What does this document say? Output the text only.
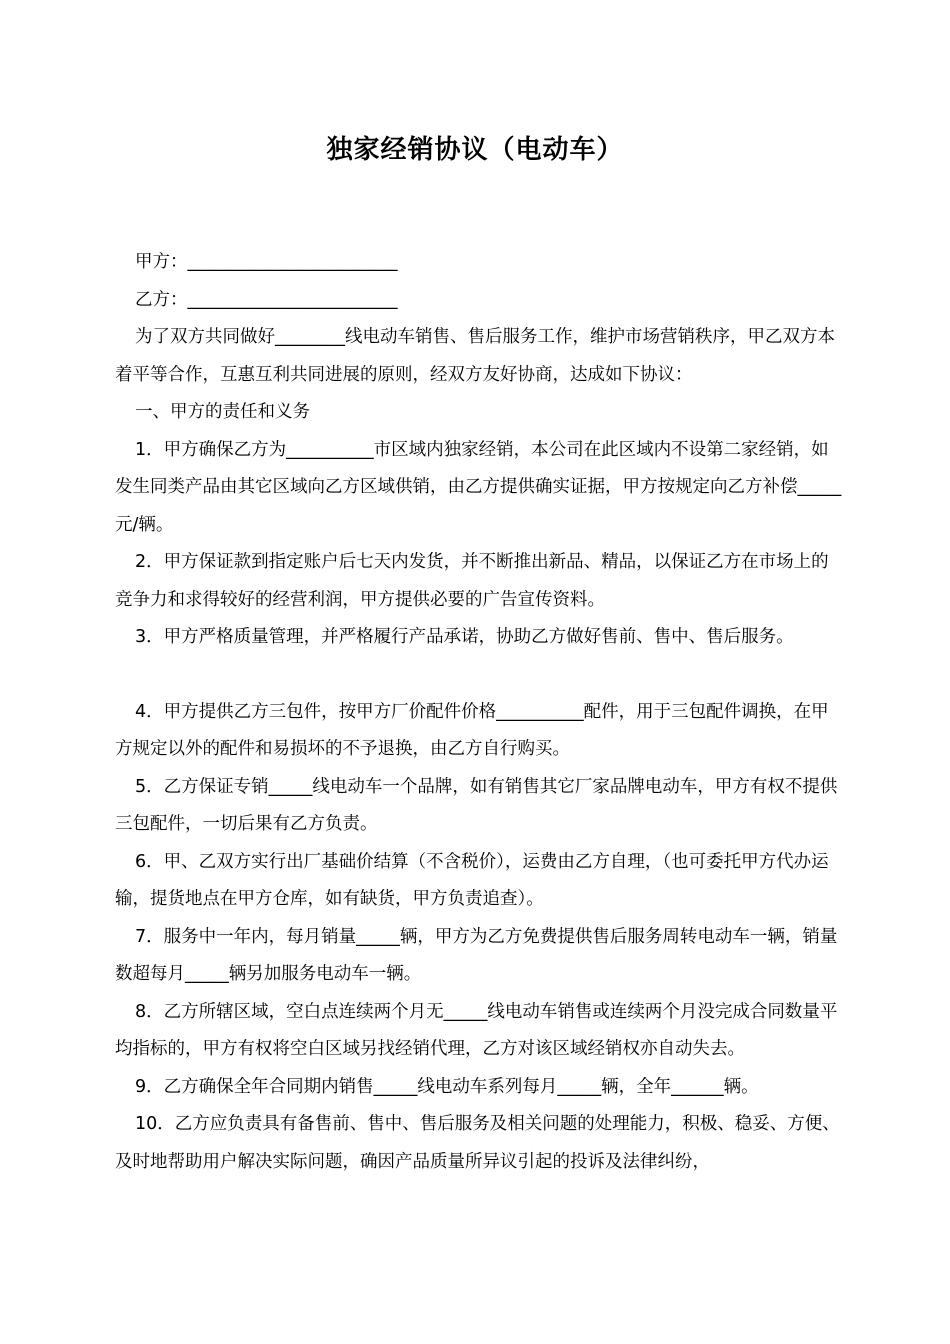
独家经销协议（电动车）

甲方：________________________

乙方：________________________

为了双方共同做好________线电动车销售、售后服务工作，维护市场营销秩序，甲乙双方本着平等合作，互惠互利共同进展的原则，经双方友好协商，达成如下协议：

一、甲方的责任和义务

1．甲方确保乙方为__________市区域内独家经销，本公司在此区域内不设第二家经销，如发生同类产品由其它区域向乙方区域供销，由乙方提供确实证据，甲方按规定向乙方补偿_____元/辆。

2．甲方保证款到指定账户后七天内发货，并不断推出新品、精品，以保证乙方在市场上的竞争力和求得较好的经营利润，甲方提供必要的广告宣传资料。

3．甲方严格质量管理，并严格履行产品承诺，协助乙方做好售前、售中、售后服务。

4．甲方提供乙方三包件，按甲方厂价配件价格__________配件，用于三包配件调换，在甲方规定以外的配件和易损坏的不予退换，由乙方自行购买。

5．乙方保证专销_____线电动车一个品牌，如有销售其它厂家品牌电动车，甲方有权不提供三包配件，一切后果有乙方负责。

6．甲、乙双方实行出厂基础价结算（不含税价），运费由乙方自理，（也可委托甲方代办运输，提货地点在甲方仓库，如有缺货，甲方负责追查）。

7．服务中一年内，每月销量_____辆，甲方为乙方免费提供售后服务周转电动车一辆，销量数超每月_____辆另加服务电动车一辆。

8．乙方所辖区域，空白点连续两个月无_____线电动车销售或连续两个月没完成合同数量平均指标的，甲方有权将空白区域另找经销代理，乙方对该区域经销权亦自动失去。

9．乙方确保全年合同期内销售_____线电动车系列每月_____辆，全年______辆。

10．乙方应负责具有备售前、售中、售后服务及相关问题的处理能力，积极、稳妥、方便、及时地帮助用户解决实际问题，确因产品质量所异议引起的投诉及法律纠纷，
